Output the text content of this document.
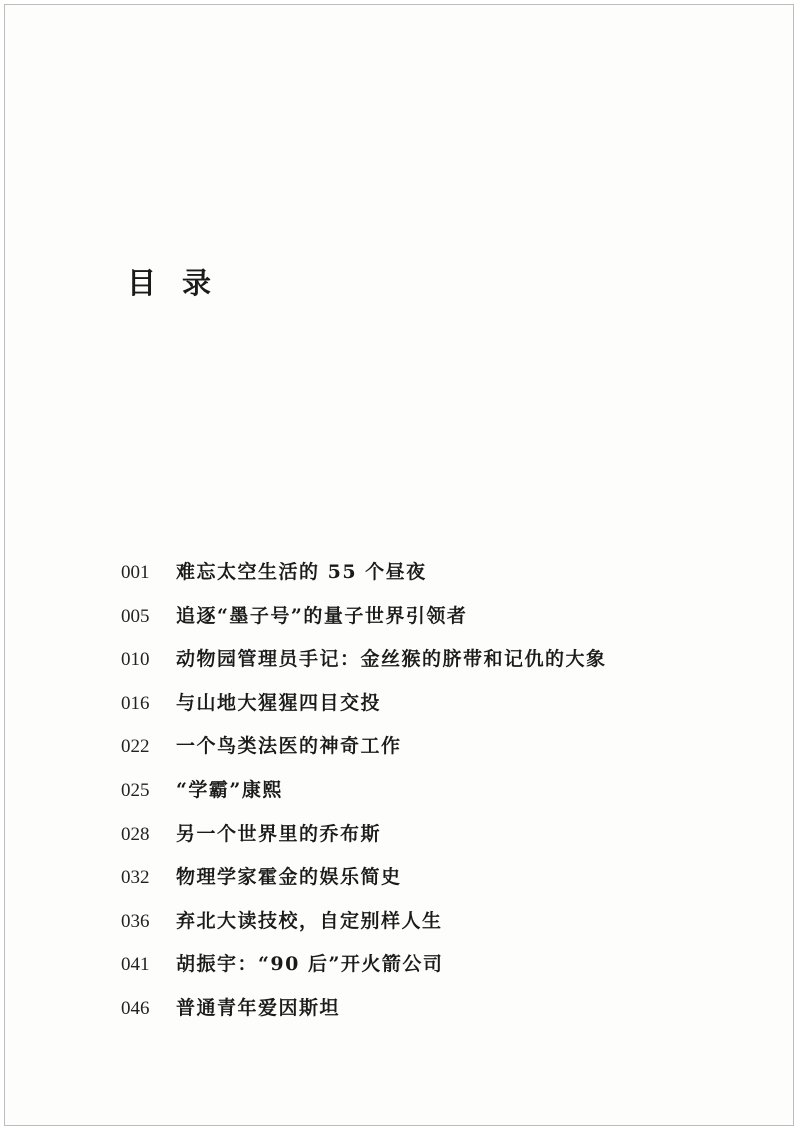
目 录
001	难忘太空生活的 55 个昼夜
005	追逐“墨子号”的量子世界引领者
010	动物园管理员手记：金丝猴的脐带和记仇的大象
016	与山地大猩猩四目交投
022	一个鸟类法医的神奇工作
025	“学霸”康熙
028	另一个世界里的乔布斯
032	物理学家霍金的娱乐简史
036	弃北大读技校，自定别样人生
041	胡振宇：“90 后”开火箭公司
046	普通青年爱因斯坦
